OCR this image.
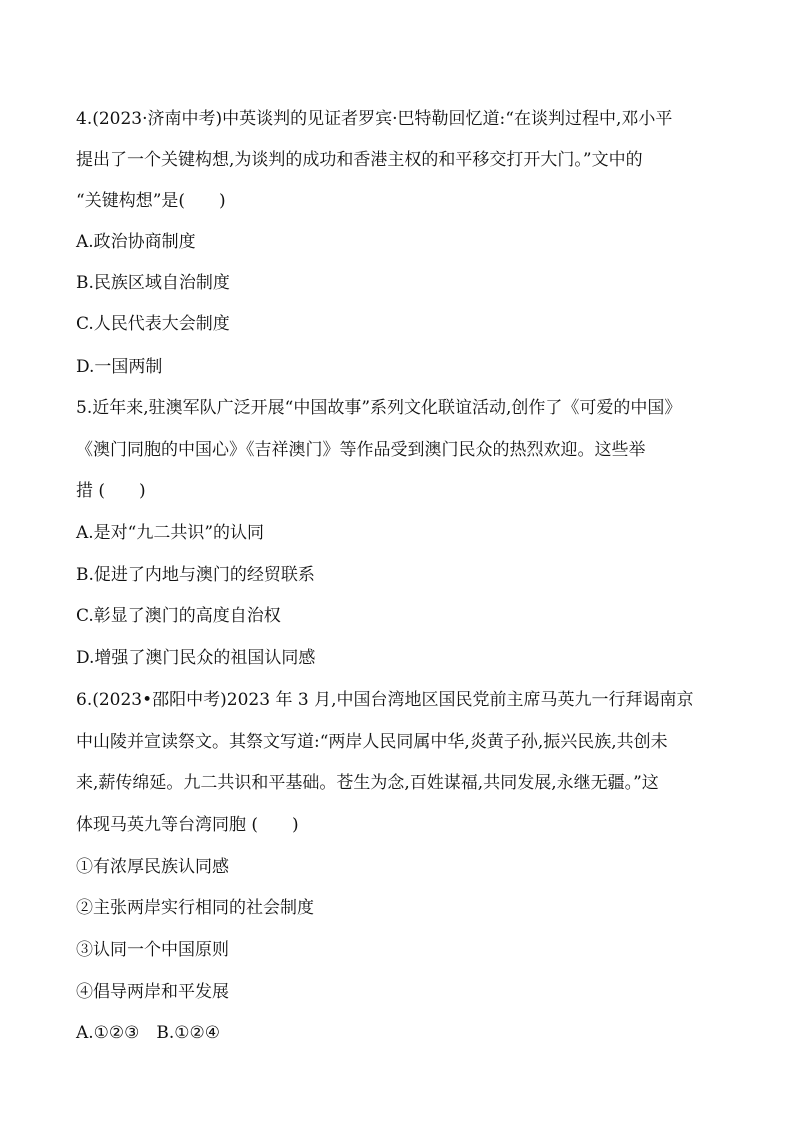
4.(2023·济南中考)中英谈判的见证者罗宾·巴特勒回忆道:“在谈判过程中,邓小平
提出了一个关键构想,为谈判的成功和香港主权的和平移交打开大门。”文中的
“关键构想”是(　　)
A.政治协商制度
B.民族区域自治制度
C.人民代表大会制度
D.一国两制
5.近年来,驻澳军队广泛开展“中国故事”系列文化联谊活动,创作了《可爱的中国》
《澳门同胞的中国心》《吉祥澳门》等作品受到澳门民众的热烈欢迎。这些举
措 (　　)
A.是对“九二共识”的认同
B.促进了内地与澳门的经贸联系
C.彰显了澳门的高度自治权
D.增强了澳门民众的祖国认同感
6.(2023•邵阳中考)2023 年 3 月,中国台湾地区国民党前主席马英九一行拜谒南京
中山陵并宣读祭文。其祭文写道:“两岸人民同属中华,炎黄子孙,振兴民族,共创未
来,薪传绵延。九二共识和平基础。苍生为念,百姓谋福,共同发展,永继无疆。”这
体现马英九等台湾同胞 (　　)
①有浓厚民族认同感
②主张两岸实行相同的社会制度
③认同一个中国原则
④倡导两岸和平发展
A.①②③　B.①②④
